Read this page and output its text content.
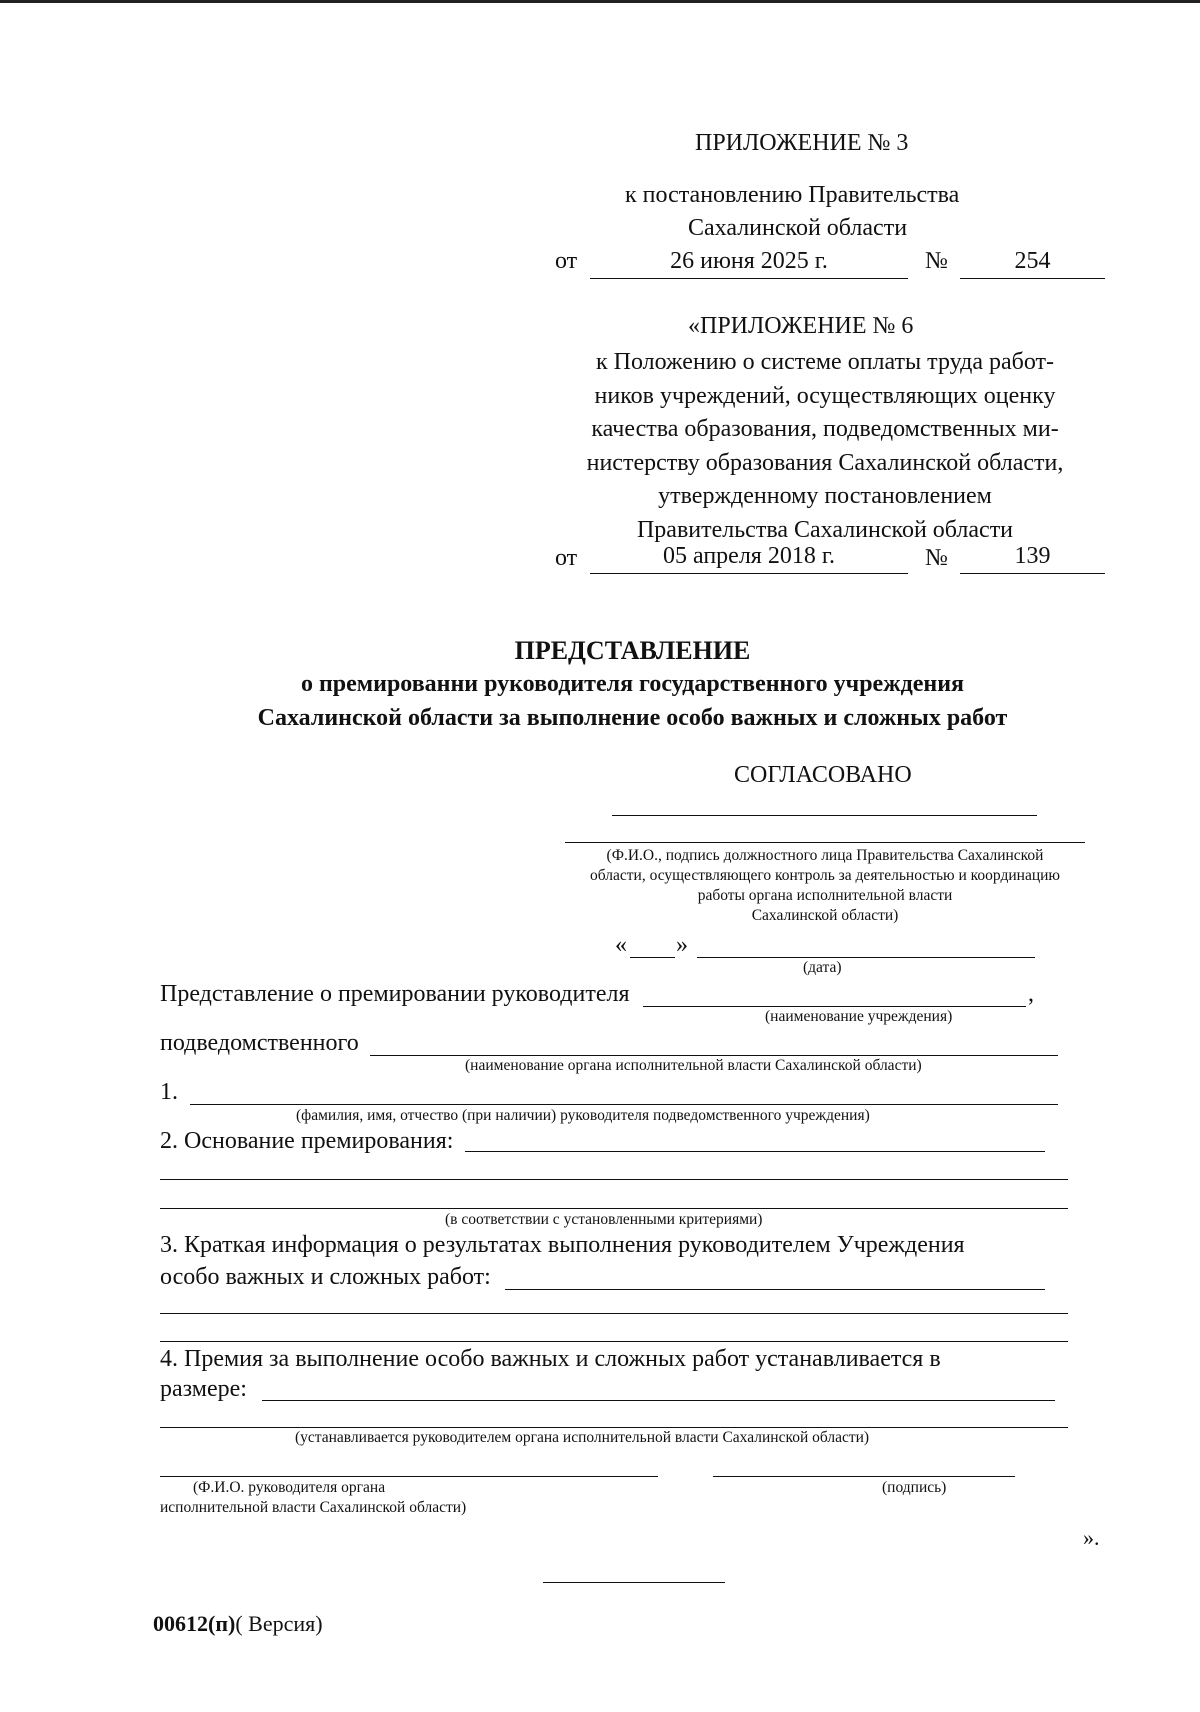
ПРИЛОЖЕНИЕ № 3
к постановлению Правительства
Сахалинской области
от	26 июня 2025 г.	№	254
«ПРИЛОЖЕНИЕ № 6
к Положению о системе оплаты труда работ-
ников учреждений, осуществляющих оценку
качества образования, подведомственных ми-
нистерству образования Сахалинской области,
утвержденному постановлением
Правительства Сахалинской области
от	05 апреля 2018 г.	№	139
ПРЕДСТАВЛЕНИЕ
о премированни руководителя государственного учреждения
Сахалинской области за выполнение особо важных и сложных работ
СОГЛАСОВАНО
(Ф.И.О., подпись должностного лица Правительства Сахалинской
области, осуществляющего контроль за деятельностью и координацию
работы органа исполнительной власти
Сахалинской области)
« »
(дата)
Представление о премировании руководителя	,
(наименование учреждения)
подведомственного
(наименование органа исполнительной власти Сахалинской области)
1.
(фамилия, имя, отчество (при наличии) руководителя подведомственного учреждения)
2. Основание премирования:
(в соответствии с установленными критериями)
3. Краткая информация о результатах выполнения руководителем Учреждения
особо важных и сложных работ:
4. Премия за выполнение особо важных и сложных работ устанавливается в
размере:
(устанавливается руководителем органа исполнительной власти Сахалинской области)
(Ф.И.О. руководителя органа
исполнительной власти Сахалинской области)
(подпись)
».
00612(п)( Версия)
